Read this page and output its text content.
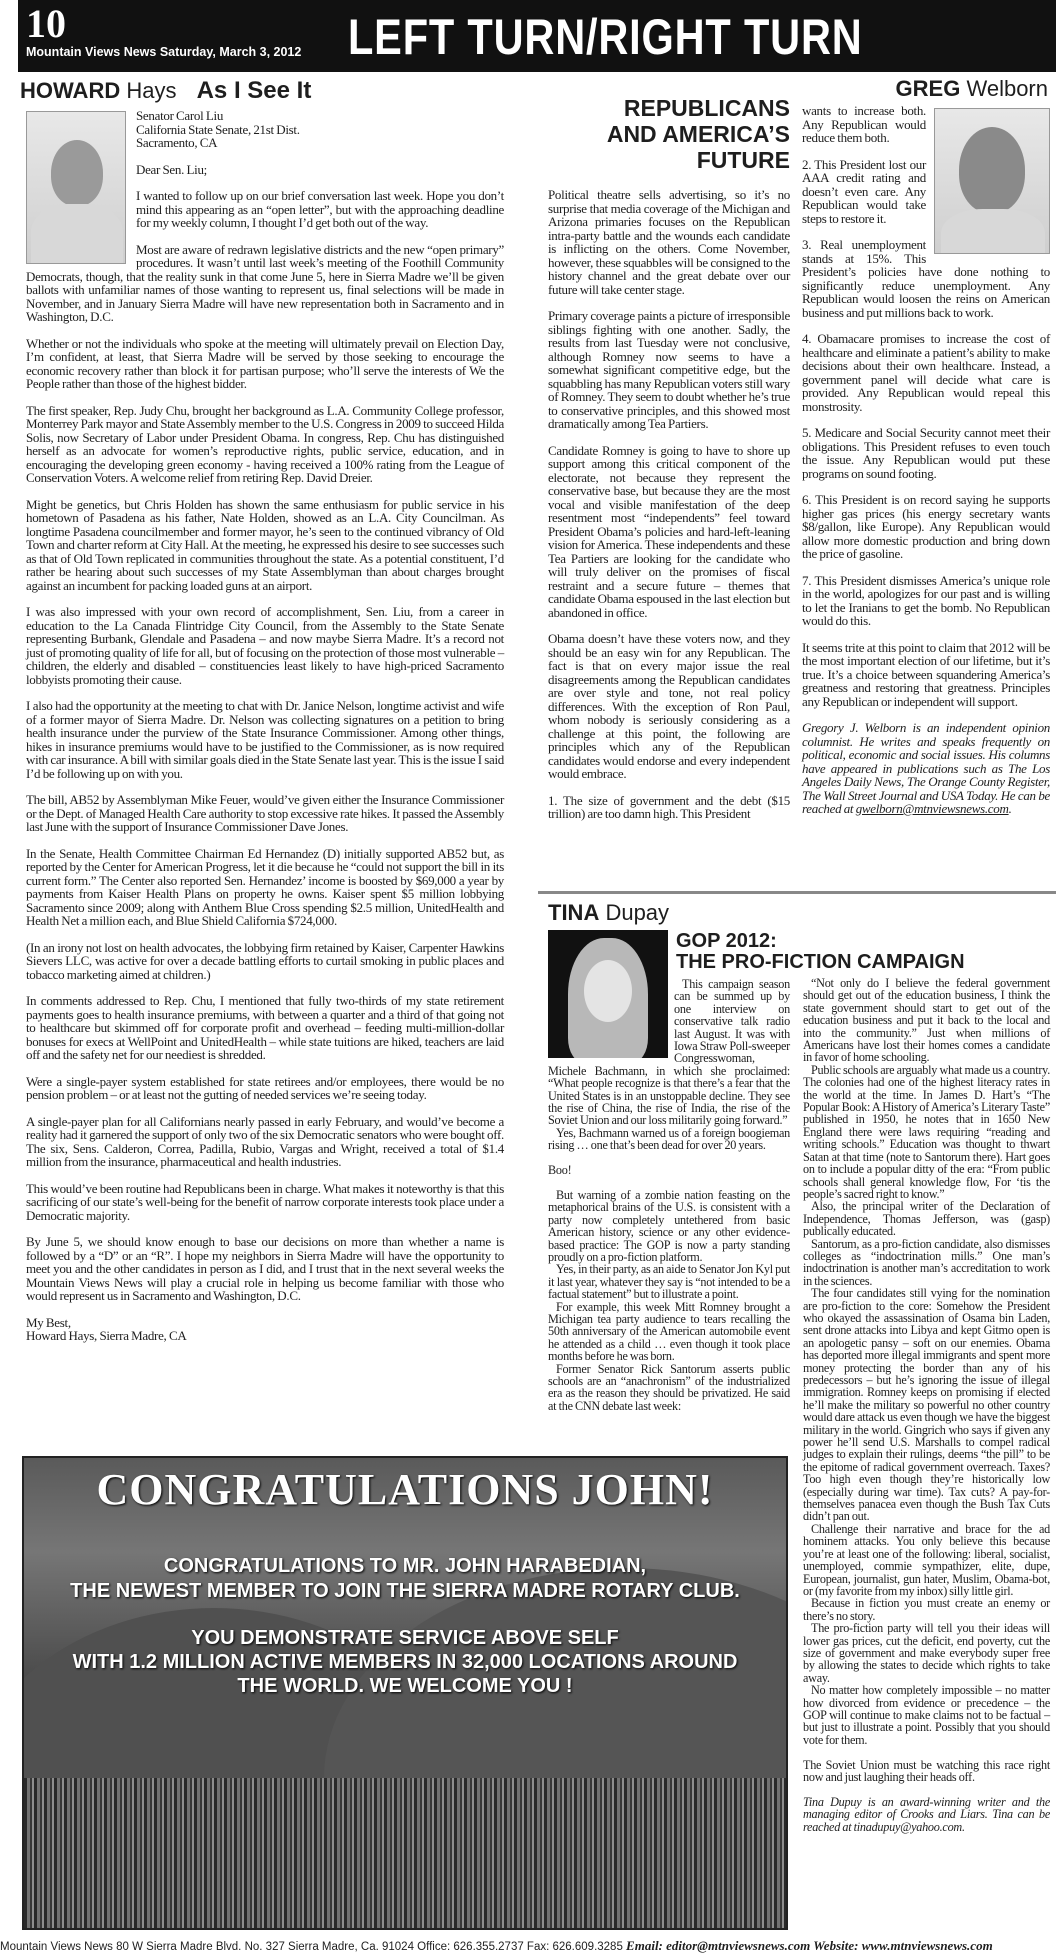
10
Mountain Views News Saturday, March 3, 2012 LEFT TURN/RIGHT TURN
HOWARD Hays As I See It
Senator Carol Liu
California State Senate, 21st Dist.
Sacramento, CA

Dear Sen. Liu;

I wanted to follow up on our brief conversation last week. Hope you don’t mind this appearing as an “open letter”, but with the approaching deadline for my weekly column, I thought I’d get both out of the way.

Most are aware of redrawn legislative districts and the new “open primary” procedures. It wasn’t until last week’s meeting of the Foothill Community Democrats, though, that the reality sunk in that come June 5, here in Sierra Madre we’ll be given ballots with unfamiliar names of those wanting to represent us, final selections will be made in November, and in January Sierra Madre will have new representation both in Sacramento and in Washington, D.C.

Whether or not the individuals who spoke at the meeting will ultimately prevail on Election Day, I’m confident, at least, that Sierra Madre will be served by those seeking to encourage the economic recovery rather than block it for partisan purpose; who’ll serve the interests of We the People rather than those of the highest bidder.

The first speaker, Rep. Judy Chu, brought her background as L.A. Community College professor, Monterrey Park mayor and State Assembly member to the U.S. Congress in 2009 to succeed Hilda Solis, now Secretary of Labor under President Obama. In congress, Rep. Chu has distinguished herself as an advocate for women’s reproductive rights, public service, education, and in encouraging the developing green economy - having received a 100% rating from the League of Conservation Voters. A welcome relief from retiring Rep. David Dreier.

Might be genetics, but Chris Holden has shown the same enthusiasm for public service in his hometown of Pasadena as his father, Nate Holden, showed as an L.A. City Councilman. As longtime Pasadena councilmember and former mayor, he’s seen to the continued vibrancy of Old Town and charter reform at City Hall. At the meeting, he expressed his desire to see successes such as that of Old Town replicated in communities throughout the state. As a potential constituent, I’d rather be hearing about such successes of my State Assemblyman than about charges brought against an incumbent for packing loaded guns at an airport.

I was also impressed with your own record of accomplishment, Sen. Liu, from a career in education to the La Canada Flintridge City Council, from the Assembly to the State Senate representing Burbank, Glendale and Pasadena – and now maybe Sierra Madre. It’s a record not just of promoting quality of life for all, but of focusing on the protection of those most vulnerable – children, the elderly and disabled – constituencies least likely to have high-priced Sacramento lobbyists promoting their cause.

I also had the opportunity at the meeting to chat with Dr. Janice Nelson, longtime activist and wife of a former mayor of Sierra Madre. Dr. Nelson was collecting signatures on a petition to bring health insurance under the purview of the State Insurance Commissioner. Among other things, hikes in insurance premiums would have to be justified to the Commissioner, as is now required with car insurance. A bill with similar goals died in the State Senate last year. This is the issue I said I’d be following up on with you.

The bill, AB52 by Assemblyman Mike Feuer, would’ve given either the Insurance Commissioner or the Dept. of Managed Health Care authority to stop excessive rate hikes. It passed the Assembly last June with the support of Insurance Commissioner Dave Jones.

In the Senate, Health Committee Chairman Ed Hernandez (D) initially supported AB52 but, as reported by the Center for American Progress, let it die because he “could not support the bill in its current form.” The Center also reported Sen. Hernandez’ income is boosted by $69,000 a year by payments from Kaiser Health Plans on property he owns. Kaiser spent $5 million lobbying Sacramento since 2009; along with Anthem Blue Cross spending $2.5 million, UnitedHealth and Health Net a million each, and Blue Shield California $724,000.

(In an irony not lost on health advocates, the lobbying firm retained by Kaiser, Carpenter Hawkins Sievers LLC, was active for over a decade battling efforts to curtail smoking in public places and tobacco marketing aimed at children.)

In comments addressed to Rep. Chu, I mentioned that fully two-thirds of my state retirement payments goes to health insurance premiums, with between a quarter and a third of that going not to healthcare but skimmed off for corporate profit and overhead – feeding multi-million-dollar bonuses for execs at WellPoint and UnitedHealth – while state tuitions are hiked, teachers are laid off and the safety net for our neediest is shredded.

Were a single-payer system established for state retirees and/or employees, there would be no pension problem – or at least not the gutting of needed services we’re seeing today.

A single-payer plan for all Californians nearly passed in early February, and would’ve become a reality had it garnered the support of only two of the six Democratic senators who were bought off. The six, Sens. Calderon, Correa, Padilla, Rubio, Vargas and Wright, received a total of $1.4 million from the insurance, pharmaceutical and health industries.

This would’ve been routine had Republicans been in charge. What makes it noteworthy is that this sacrificing of our state’s well-being for the benefit of narrow corporate interests took place under a Democratic majority.

By June 5, we should know enough to base our decisions on more than whether a name is followed by a “D” or an “R”. I hope my neighbors in Sierra Madre will have the opportunity to meet you and the other candidates in person as I did, and I trust that in the next several weeks the Mountain Views News will play a crucial role in helping us become familiar with those who would represent us in Sacramento and Washington, D.C.

My Best,
Howard Hays, Sierra Madre, CA
REPUBLICANS
AND AMERICA’S
FUTURE

Political theatre sells advertising, so it’s no surprise that media coverage of the Michigan and Arizona primaries focuses on the Republican intra-party battle and the wounds each candidate is inflicting on the others. Come November, however, these squabbles will be consigned to the history channel and the great debate over our future will take center stage.

Primary coverage paints a picture of irresponsible siblings fighting with one another. Sadly, the results from last Tuesday were not conclusive, although Romney now seems to have a somewhat significant competitive edge, but the squabbling has many Republican voters still wary of Romney. They seem to doubt whether he’s true to conservative principles, and this showed most dramatically among Tea Partiers.

Candidate Romney is going to have to shore up support among this critical component of the electorate, not because they represent the conservative base, but because they are the most vocal and visible manifestation of the deep resentment most “independents” feel toward President Obama’s policies and hard-left-leaning vision for America. These independents and these Tea Partiers are looking for the candidate who will truly deliver on the promises of fiscal restraint and a secure future – themes that candidate Obama espoused in the last election but abandoned in office.

Obama doesn’t have these voters now, and they should be an easy win for any Republican. The fact is that on every major issue the real disagreements among the Republican candidates are over style and tone, not real policy differences. With the exception of Ron Paul, whom nobody is seriously considering as a challenge at this point, the following are principles which any of the Republican candidates would endorse and every independent would embrace.

1. The size of government and the debt ($15 trillion) are too damn high. This President

GREG Welborn

wants to increase both. Any Republican would reduce them both.

2. This President lost our AAA credit rating and doesn’t even care. Any Republican would take steps to restore it.

3. Real unemployment stands at 15%. This President’s policies have done nothing to significantly reduce unemployment. Any Republican would loosen the reins on American business and put millions back to work.

4. Obamacare promises to increase the cost of healthcare and eliminate a patient’s ability to make decisions about their own healthcare. Instead, a government panel will decide what care is provided. Any Republican would repeal this monstrosity.

5. Medicare and Social Security cannot meet their obligations. This President refuses to even touch the issue. Any Republican would put these programs on sound footing.

6. This President is on record saying he supports higher gas prices (his energy secretary wants $8/gallon, like Europe). Any Republican would allow more domestic production and bring down the price of gasoline.

7. This President dismisses America’s unique role in the world, apologizes for our past and is willing to let the Iranians to get the bomb. No Republican would do this.

It seems trite at this point to claim that 2012 will be the most important election of our lifetime, but it’s true. It’s a choice between squandering America’s greatness and restoring that greatness. Principles any Republican or independent will support.

Gregory J. Welborn is an independent opinion columnist. He writes and speaks frequently on political, economic and social issues. His columns have appeared in publications such as The Los Angeles Daily News, The Orange County Register, The Wall Street Journal and USA Today. He can be reached at gwelborn@mtnviewsnews.com.

TINA Dupay
GOP 2012:
THE PRO-FICTION CAMPAIGN

This campaign season can be summed up by one interview on conservative talk radio last August. It was with Iowa Straw Poll-sweeper Congresswoman, Michele Bachmann, in which she proclaimed: “What people recognize is that there’s a fear that the United States is in an unstoppable decline. They see the rise of China, the rise of India, the rise of the Soviet Union and our loss militarily going forward.”

Yes, Bachmann warned us of a foreign boogieman rising … one that’s been dead for over 20 years.

Boo!

But warning of a zombie nation feasting on the metaphorical brains of the U.S. is consistent with a party now completely untethered from basic American history, science or any other evidence-based practice: The GOP is now a party standing proudly on a pro-fiction platform.

Yes, in their party, as an aide to Senator Jon Kyl put it last year, whatever they say is “not intended to be a factual statement” but to illustrate a point.

For example, this week Mitt Romney brought a Michigan tea party audience to tears recalling the 50th anniversary of the American automobile event he attended as a child … even though it took place months before he was born.

Former Senator Rick Santorum asserts public schools are an “anachronism” of the industrialized era as the reason they should be privatized. He said at the CNN debate last week:

“Not only do I believe the federal government should get out of the education business, I think the state government should start to get out of the education business and put it back to the local and into the community.” Just when millions of Americans have lost their homes comes a candidate in favor of home schooling.

Public schools are arguably what made us a country. The colonies had one of the highest literacy rates in the world at the time. In James D. Hart’s “The Popular Book: A History of America’s Literary Taste” published in 1950, he notes that in 1650 New England there were laws requiring “reading and writing schools.” Education was thought to thwart Satan at that time (note to Santorum there). Hart goes on to include a popular ditty of the era: “From public schools shall general knowledge flow, For ‘tis the people’s sacred right to know.”

Also, the principal writer of the Declaration of Independence, Thomas Jefferson, was (gasp) publically educated.

Santorum, as a pro-fiction candidate, also dismisses colleges as “indoctrination mills.” One man’s indoctrination is another man’s accreditation to work in the sciences.

The four candidates still vying for the nomination are pro-fiction to the core: Somehow the President who okayed the assassination of Osama bin Laden, sent drone attacks into Libya and kept Gitmo open is an apologetic pansy – soft on our enemies. Obama has deported more illegal immigrants and spent more money protecting the border than any of his predecessors – but he’s ignoring the issue of illegal immigration. Romney keeps on promising if elected he’ll make the military so powerful no other country would dare attack us even though we have the biggest military in the world. Gingrich who says if given any power he’ll send U.S. Marshalls to compel radical judges to explain their rulings, deems “the pill” to be the epitome of radical government overreach. Taxes? Too high even though they’re historically low (especially during war time). Tax cuts? A pay-for-themselves panacea even though the Bush Tax Cuts didn’t pan out.

Challenge their narrative and brace for the ad hominem attacks. You only believe this because you’re at least one of the following: liberal, socialist, unemployed, commie sympathizer, elite, dupe, European, journalist, gun hater, Muslim, Obama-bot, or (my favorite from my inbox) silly little girl.

Because in fiction you must create an enemy or there’s no story.

The pro-fiction party will tell you their ideas will lower gas prices, cut the deficit, end poverty, cut the size of government and make everybody super free by allowing the states to decide which rights to take away.

No matter how completely impossible – no matter how divorced from evidence or precedence – the GOP will continue to make claims not to be factual – but just to illustrate a point. Possibly that you should vote for them.

The Soviet Union must be watching this race right now and just laughing their heads off.

Tina Dupuy is an award-winning writer and the managing editor of Crooks and Liars. Tina can be reached at tinadupuy@yahoo.com.

CONGRATULATIONS JOHN!
CONGRATULATIONS TO MR. JOHN HARABEDIAN,
THE NEWEST MEMBER TO JOIN THE SIERRA MADRE ROTARY CLUB.
YOU DEMONSTRATE SERVICE ABOVE SELF
WITH 1.2 MILLION ACTIVE MEMBERS IN 32,000 LOCATIONS AROUND
THE WORLD. WE WELCOME YOU !
Mountain Views News 80 W Sierra Madre Blvd. No. 327 Sierra Madre, Ca. 91024 Office: 626.355.2737 Fax: 626.609.3285 Email: editor@mtnviewsnews.com Website: www.mtnviewsnews.com
